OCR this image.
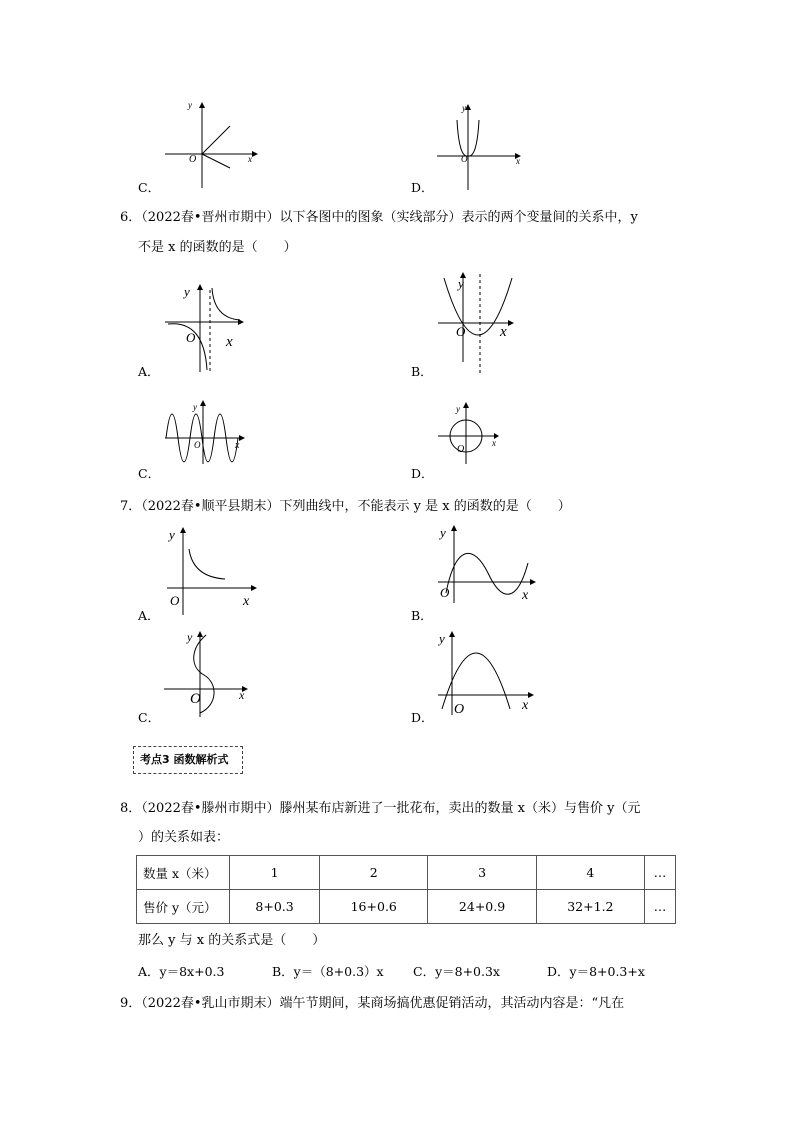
y
x
O
C．
y
x
O
D．
6．（2022春•晋州市期中）以下各图中的图象（实线部分）表示的两个变量间的关系中，y
不是 x 的函数的是（　　）
y
x
O
A．
y
x
O
B．
y
x
O
C．
y
x
O
D．
7．（2022春•顺平县期末）下列曲线中，不能表示 y 是 x 的函数的是（　　）
y
x
O
A．
y
x
O
B．
y
x
O
C．
y
x
O
D．
考点3 函数解析式
8．（2022春•滕州市期中）滕州某布店新进了一批花布，卖出的数量 x（米）与售价 y（元
）的关系如表：
数量 x（米）	1	2	3	4	…
售价 y（元）	8+0.3	16+0.6	24+0.9	32+1.2	…
那么 y 与 x 的关系式是（　　）
A．y＝8x+0.3	B．y＝（8+0.3）x C．y＝8+0.3x	D．y＝8+0.3+x
9．（2022春•乳山市期末）端午节期间，某商场搞优惠促销活动，其活动内容是：“凡在
